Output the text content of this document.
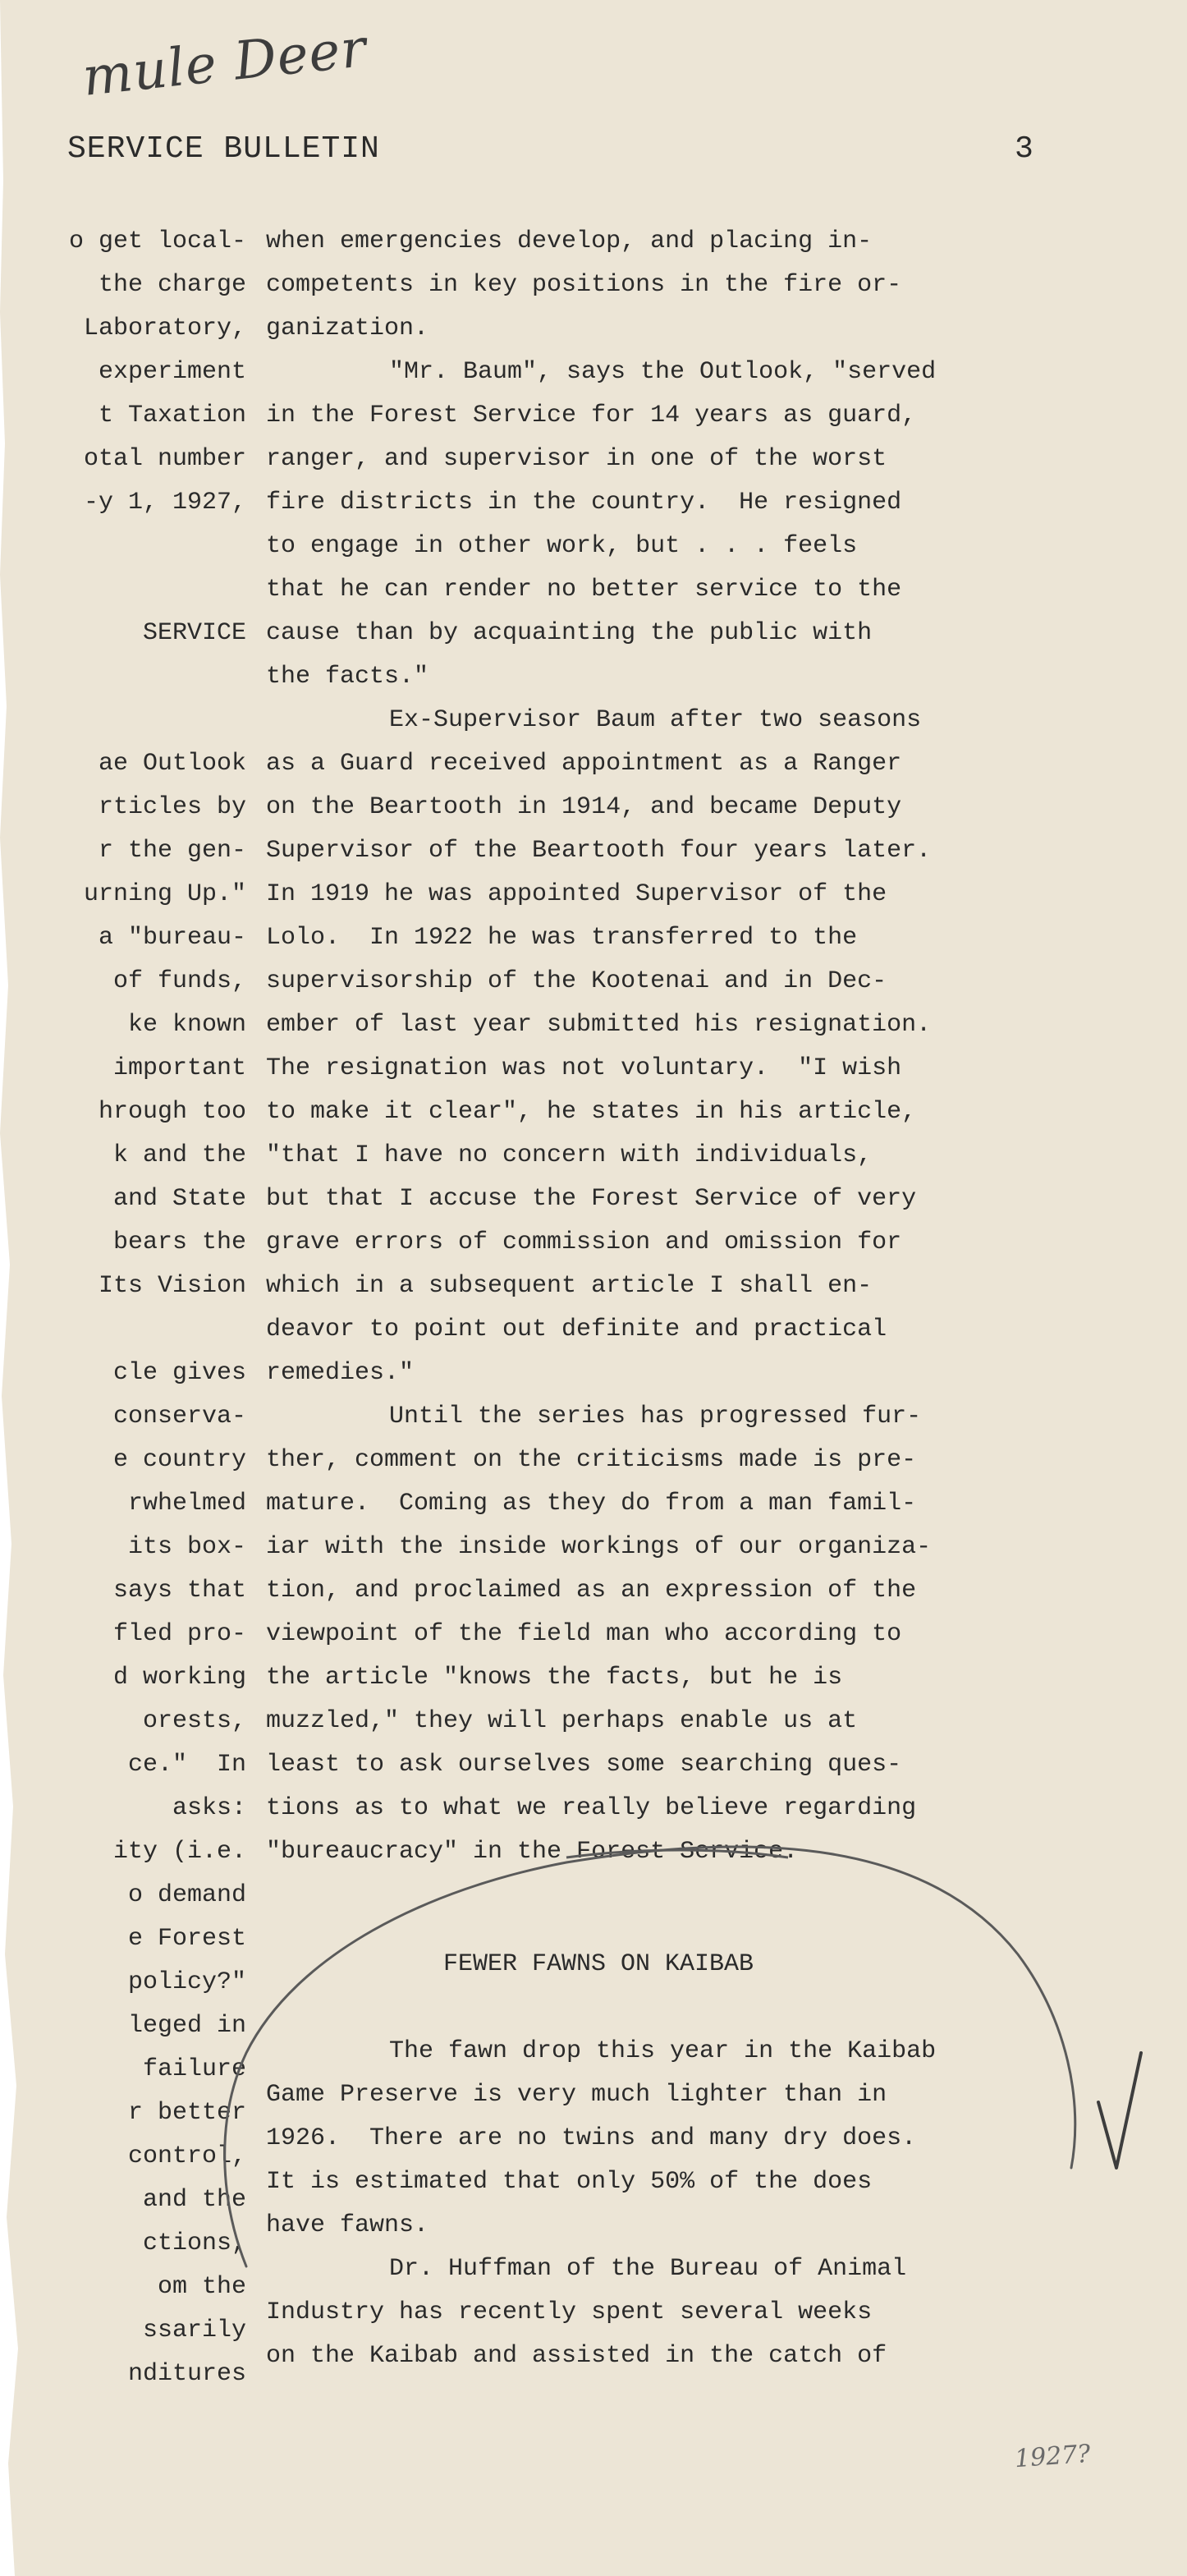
mule Deer
SERVICE BULLETIN	3
o get local-
the charge
Laboratory,
experiment
t Taxation
otal number
-y 1, 1927,
SERVICE
ae Outlook
rticles by
r the gen-
urning Up."
a "bureau-
of funds,
ke known
important
hrough too
k and the
and State
bears the
Its Vision
cle gives
conserva-
e country
rwhelmed
its box-
says that
fled pro-
d working
orests,
ce."  In
asks:
ity (i.e.
o demand
e Forest
policy?"
leged in
failure
r better
control,
and the
ctions,
om the
ssarily
nditures
when emergencies develop, and placing in-
competents in key positions in the fire or-
ganization.
"Mr. Baum", says the Outlook, "served
in the Forest Service for 14 years as guard,
ranger, and supervisor in one of the worst
fire districts in the country.  He resigned
to engage in other work, but . . . feels
that he can render no better service to the
cause than by acquainting the public with
the facts."
Ex-Supervisor Baum after two seasons
as a Guard received appointment as a Ranger
on the Beartooth in 1914, and became Deputy
Supervisor of the Beartooth four years later.
In 1919 he was appointed Supervisor of the
Lolo.  In 1922 he was transferred to the
supervisorship of the Kootenai and in Dec-
ember of last year submitted his resignation.
The resignation was not voluntary.  "I wish
to make it clear", he states in his article,
"that I have no concern with individuals,
but that I accuse the Forest Service of very
grave errors of commission and omission for
which in a subsequent article I shall en-
deavor to point out definite and practical
remedies."
Until the series has progressed fur-
ther, comment on the criticisms made is pre-
mature.  Coming as they do from a man famil-
iar with the inside workings of our organiza-
tion, and proclaimed as an expression of the
viewpoint of the field man who according to
the article "knows the facts, but he is
muzzled," they will perhaps enable us at
least to ask ourselves some searching ques-
tions as to what we really believe regarding
"bureaucracy" in the Forest Service.
FEWER FAWNS ON KAIBAB
The fawn drop this year in the Kaibab
Game Preserve is very much lighter than in
1926.  There are no twins and many dry does.
It is estimated that only 50% of the does
have fawns.
Dr. Huffman of the Bureau of Animal
Industry has recently spent several weeks
on the Kaibab and assisted in the catch of
1927?
